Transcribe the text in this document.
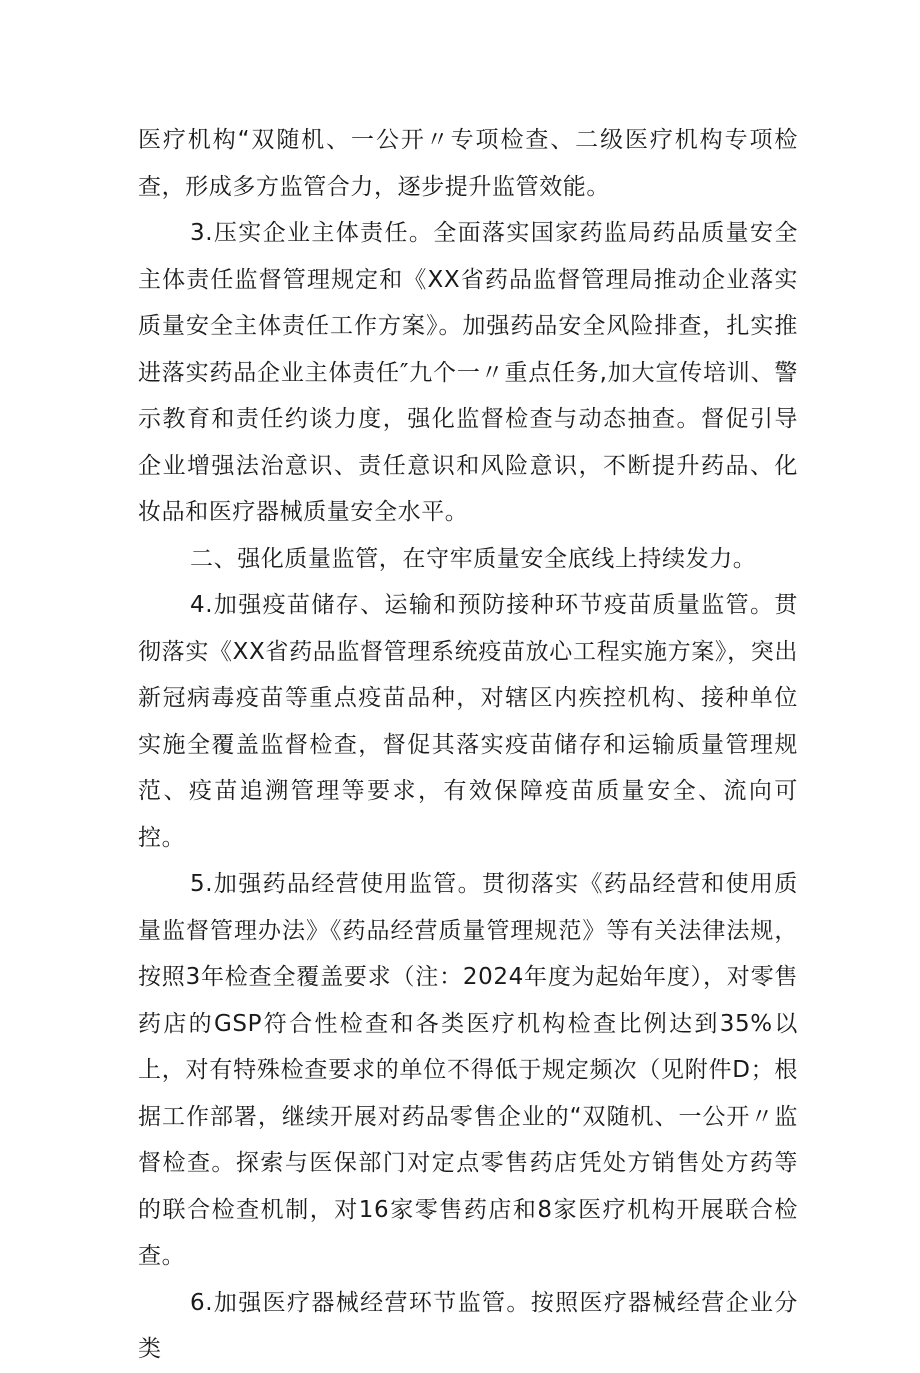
医疗机构“双随机、一公开〃专项检查、二级医疗机构专项检查，形成多方监管合力，逐步提升监管效能。

3.压实企业主体责任。全面落实国家药监局药品质量安全主体责任监督管理规定和《XX省药品监督管理局推动企业落实质量安全主体责任工作方案》。加强药品安全风险排查，扎实推进落实药品企业主体责任″九个一〃重点任务,加大宣传培训、警示教育和责任约谈力度，强化监督检查与动态抽查。督促引导企业增强法治意识、责任意识和风险意识，不断提升药品、化妆品和医疗器械质量安全水平。

二、强化质量监管，在守牢质量安全底线上持续发力。

4.加强疫苗储存、运输和预防接种环节疫苗质量监管。贯彻落实《XX省药品监督管理系统疫苗放心工程实施方案》，突出新冠病毒疫苗等重点疫苗品种，对辖区内疾控机构、接种单位实施全覆盖监督检查，督促其落实疫苗储存和运输质量管理规范、疫苗追溯管理等要求，有效保障疫苗质量安全、流向可控。

5.加强药品经营使用监管。贯彻落实《药品经营和使用质量监督管理办法》《药品经营质量管理规范》等有关法律法规，按照3年检查全覆盖要求（注：2024年度为起始年度），对零售药店的GSP符合性检查和各类医疗机构检查比例达到35%以上，对有特殊检查要求的单位不得低于规定频次（见附件D；根据工作部署，继续开展对药品零售企业的“双随机、一公开〃监督检查。探索与医保部门对定点零售药店凭处方销售处方药等的联合检查机制，对16家零售药店和8家医疗机构开展联合检查。

6.加强医疗器械经营环节监管。按照医疗器械经营企业分类
